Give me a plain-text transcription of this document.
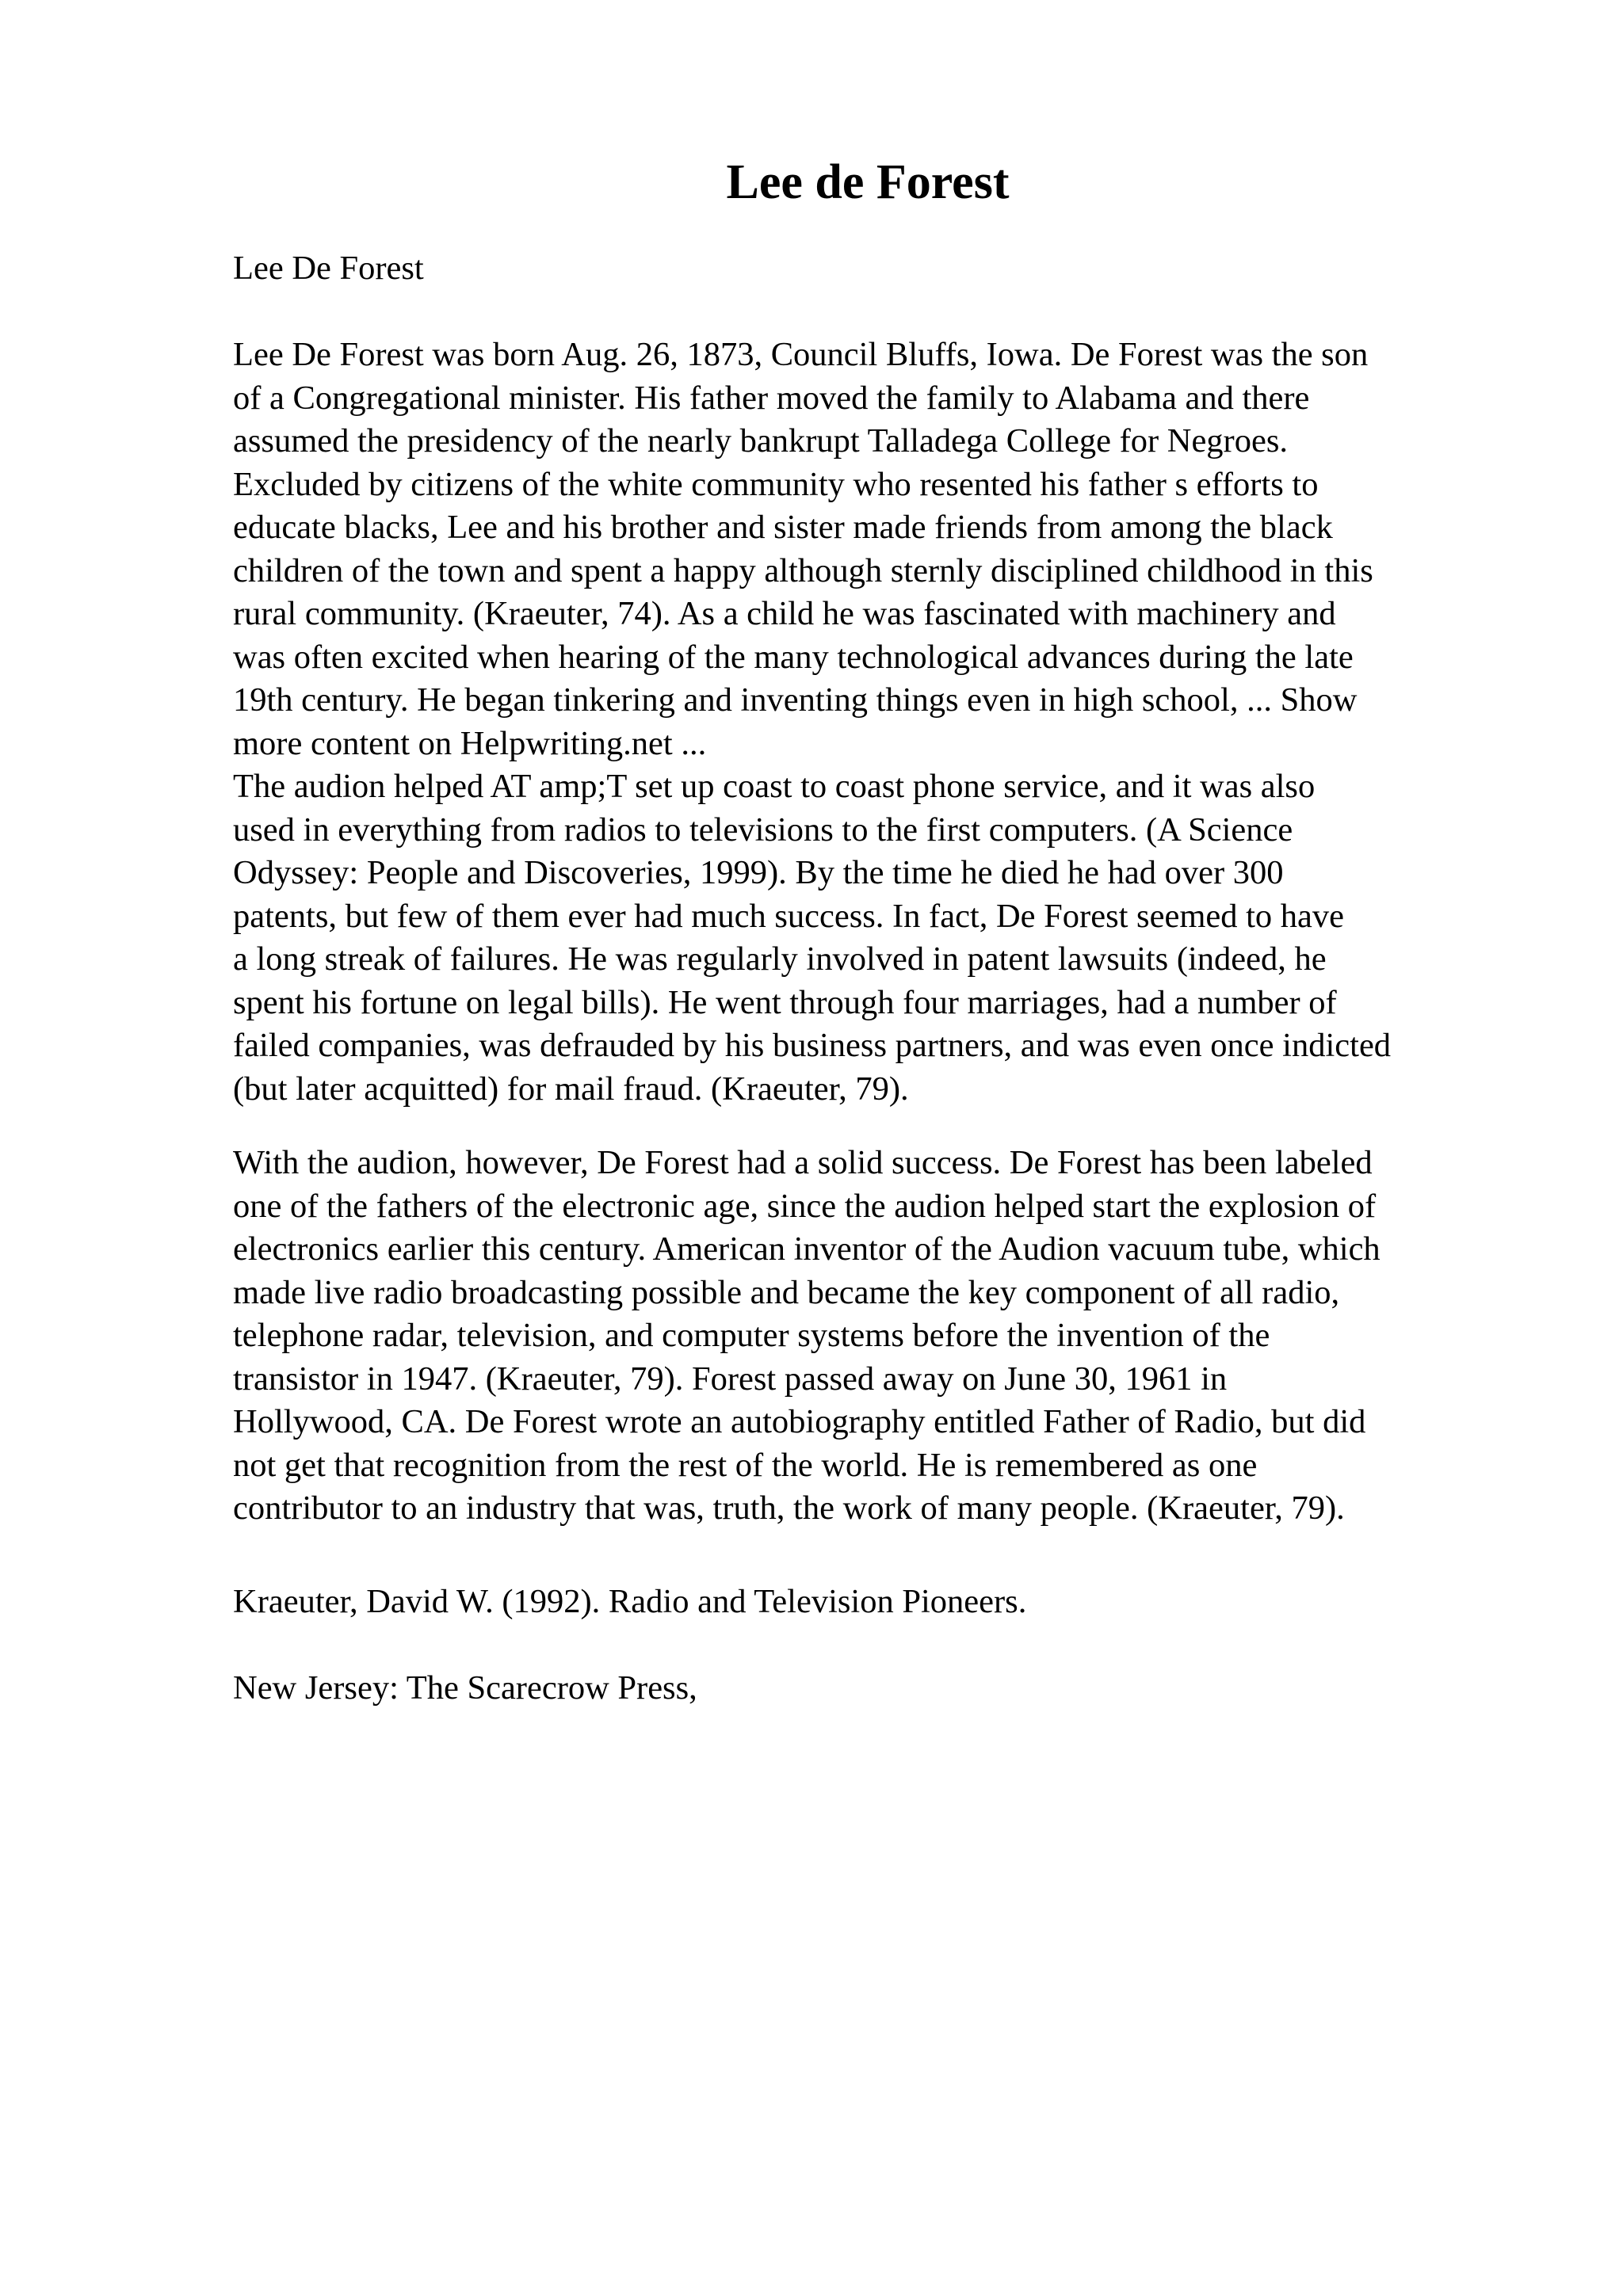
Lee de Forest

Lee De Forest

Lee De Forest was born Aug. 26, 1873, Council Bluffs, Iowa. De Forest was the son
of a Congregational minister. His father moved the family to Alabama and there
assumed the presidency of the nearly bankrupt Talladega College for Negroes.
Excluded by citizens of the white community who resented his father s efforts to
educate blacks, Lee and his brother and sister made friends from among the black
children of the town and spent a happy although sternly disciplined childhood in this
rural community. (Kraeuter, 74). As a child he was fascinated with machinery and
was often excited when hearing of the many technological advances during the late
19th century. He began tinkering and inventing things even in high school, ... Show
more content on Helpwriting.net ...
The audion helped AT amp;T set up coast to coast phone service, and it was also
used in everything from radios to televisions to the first computers. (A Science
Odyssey: People and Discoveries, 1999). By the time he died he had over 300
patents, but few of them ever had much success. In fact, De Forest seemed to have
a long streak of failures. He was regularly involved in patent lawsuits (indeed, he
spent his fortune on legal bills). He went through four marriages, had a number of
failed companies, was defrauded by his business partners, and was even once indicted
(but later acquitted) for mail fraud. (Kraeuter, 79).
With the audion, however, De Forest had a solid success. De Forest has been labeled
one of the fathers of the electronic age, since the audion helped start the explosion of
electronics earlier this century. American inventor of the Audion vacuum tube, which
made live radio broadcasting possible and became the key component of all radio,
telephone radar, television, and computer systems before the invention of the
transistor in 1947. (Kraeuter, 79). Forest passed away on June 30, 1961 in
Hollywood, CA. De Forest wrote an autobiography entitled Father of Radio, but did
not get that recognition from the rest of the world. He is remembered as one
contributor to an industry that was, truth, the work of many people. (Kraeuter, 79).

Kraeuter, David W. (1992). Radio and Television Pioneers.

New Jersey: The Scarecrow Press,
